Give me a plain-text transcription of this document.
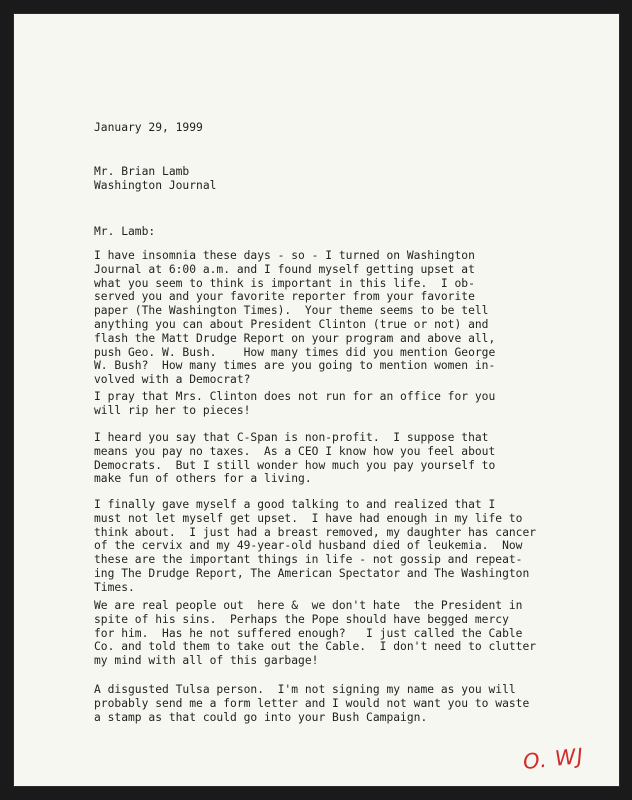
January 29, 1999

Mr. Brian Lamb

Washington Journal

Mr. Lamb:

I have insomnia these days - so - I turned on Washington

Journal at 6:00 a.m. and I found myself getting upset at

what you seem to think is important in this life.  I ob-

served you and your favorite reporter from your favorite

paper (The Washington Times).  Your theme seems to be tell

anything you can about President Clinton (true or not) and

flash the Matt Drudge Report on your program and above all,

push Geo. W. Bush.    How many times did you mention George

W. Bush?  How many times are you going to mention women in-

volved with a Democrat?

I pray that Mrs. Clinton does not run for an office for you

will rip her to pieces!

I heard you say that C-Span is non-profit.  I suppose that

means you pay no taxes.  As a CEO I know how you feel about

Democrats.  But I still wonder how much you pay yourself to

make fun of others for a living.

I finally gave myself a good talking to and realized that I

must not let myself get upset.  I have had enough in my life to

think about.  I just had a breast removed, my daughter has cancer

of the cervix and my 49-year-old husband died of leukemia.  Now

these are the important things in life - not gossip and repeat-

ing The Drudge Report, The American Spectator and The Washington

Times.

We are real people out  here &  we don't hate  the President in

spite of his sins.  Perhaps the Pope should have begged mercy

for him.  Has he not suffered enough?   I just called the Cable

Co. and told them to take out the Cable.  I don't need to clutter

my mind with all of this garbage!

A disgusted Tulsa person.  I'm not signing my name as you will

probably send me a form letter and I would not want you to waste

a stamp as that could go into your Bush Campaign.

O. WJ
